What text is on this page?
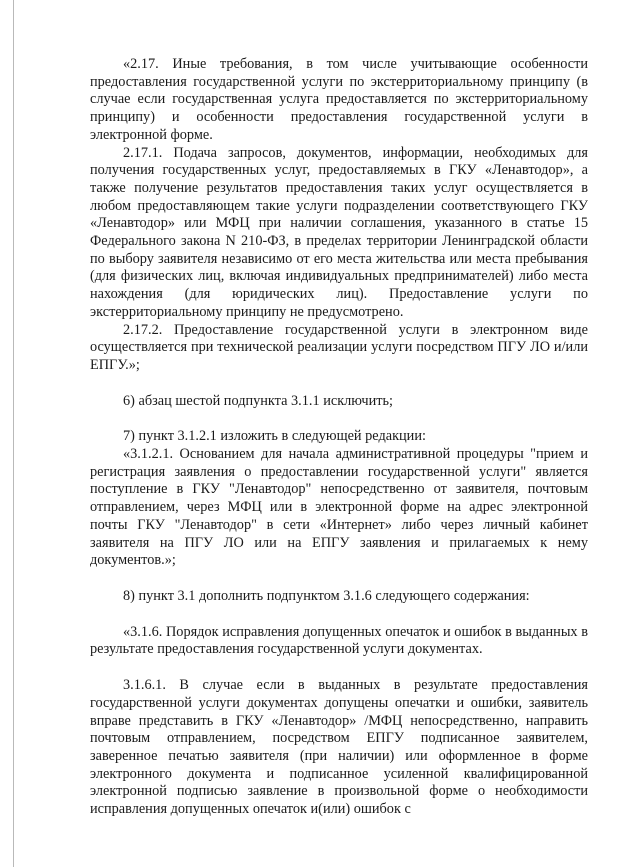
«2.17. Иные требования, в том числе учитывающие особенности предоставления государственной услуги по экстерриториальному принципу (в случае если государственная услуга предоставляется по экстерриториальному принципу) и особенности предоставления государственной услуги в электронной форме.

2.17.1. Подача запросов, документов, информации, необходимых для получения государственных услуг, предоставляемых в ГКУ «Ленавтодор», а также получение результатов предоставления таких услуг осуществляется в любом предоставляющем такие услуги подразделении соответствующего ГКУ «Ленавтодор» или МФЦ при наличии соглашения, указанного в статье 15 Федерального закона N 210-ФЗ, в пределах территории Ленинградской области по выбору заявителя независимо от его места жительства или места пребывания (для физических лиц, включая индивидуальных предпринимателей) либо места нахождения (для юридических лиц). Предоставление услуги по экстерриториальному принципу не предусмотрено.

2.17.2. Предоставление государственной услуги в электронном виде осуществляется при технической реализации услуги посредством ПГУ ЛО и/или ЕПГУ.»;

6) абзац шестой подпункта 3.1.1 исключить;

7) пункт 3.1.2.1 изложить в следующей редакции:

«3.1.2.1. Основанием для начала административной процедуры "прием и регистрация заявления о предоставлении государственной услуги" является поступление в ГКУ "Ленавтодор" непосредственно от заявителя, почтовым отправлением, через МФЦ или в электронной форме на адрес электронной почты ГКУ "Ленавтодор" в сети «Интернет» либо через личный кабинет заявителя на ПГУ ЛО или на ЕПГУ заявления и прилагаемых к нему документов.»;

8) пункт 3.1 дополнить подпунктом 3.1.6 следующего содержания:

«3.1.6. Порядок исправления допущенных опечаток и ошибок в выданных в результате предоставления государственной услуги документах.

3.1.6.1. В случае если в выданных в результате предоставления государственной услуги документах допущены опечатки и ошибки, заявитель вправе представить в ГКУ «Ленавтодор» /МФЦ непосредственно, направить почтовым отправлением, посредством ЕПГУ подписанное заявителем, заверенное печатью заявителя (при наличии) или оформленное в форме электронного документа и подписанное усиленной квалифицированной электронной подписью заявление в произвольной форме о необходимости исправления допущенных опечаток и(или) ошибок с
